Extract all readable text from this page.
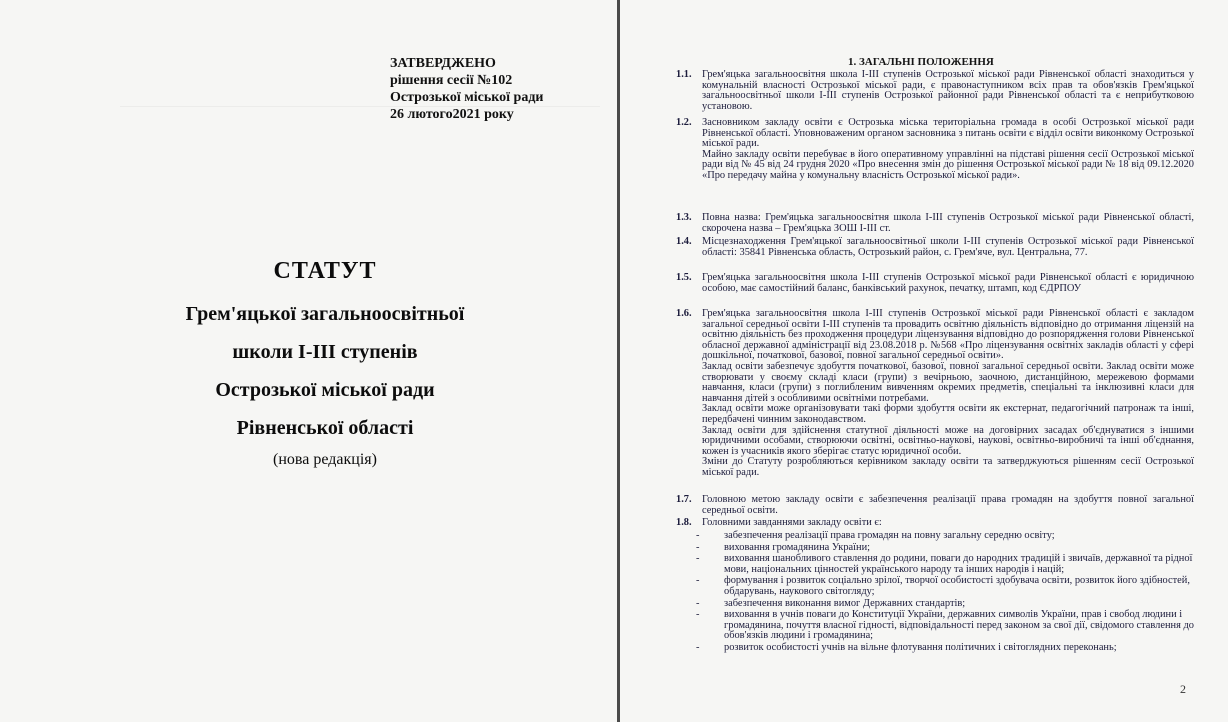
ЗАТВЕРДЖЕНО
рішення сесії №102
Острозької міської ради
26 лютого2021 року
СТАТУТ
Грем'яцької загальноосвітньої
школи І-ІІІ ступенів
Острозької міської ради
Рівненської області
(нова редакція)
1. ЗАГАЛЬНІ ПОЛОЖЕННЯ
1.1. Грем'яцька загальноосвітня школа І-ІІІ ступенів Острозької міської ради Рівненської області знаходиться у комунальній власності Острозької міської ради, є правонаступником всіх прав та обов'язків Грем'яцької загальноосвітньої школи І-ІІІ ступенів Острозької районної ради Рівненської області та є неприбутковою установою.

1.2. Засновником закладу освіти є Острозька міська територіальна громада в особі Острозької міської ради Рівненської області. Уповноваженим органом засновника з питань освіти є відділ освіти виконкому Острозької міської ради.

Майно закладу освіти перебуває в його оперативному управлінні на підставі рішення сесії Острозької міської ради від № 45 від 24 грудня 2020 «Про внесення змін до рішення Острозької міської ради № 18 від 09.12.2020 «Про передачу майна у комунальну власність Острозької міської ради».

1.3. Повна назва: Грем'яцька загальноосвітня школа І-ІІІ ступенів Острозької міської ради Рівненської області, скорочена назва – Грем'яцька ЗОШ І-ІІІ ст.

1.4. Місцезнаходження Грем'яцької загальноосвітньої школи І-ІІІ ступенів Острозької міської ради Рівненської області: 35841 Рівненська область, Острозький район, с. Грем'яче, вул. Центральна, 77.

1.5. Грем'яцька загальноосвітня школа І-ІІІ ступенів Острозької міської ради Рівненської області є юридичною особою, має самостійний баланс, банківський рахунок, печатку, штамп, код ЄДРПОУ

1.6. Грем'яцька загальноосвітня школа І-ІІІ ступенів Острозької міської ради Рівненської області є закладом загальної середньої освіти І-ІІІ ступенів та провадить освітню діяльність відповідно до отримання ліцензій на освітню діяльність без проходження процедури ліцензування відповідно до розпорядження голови Рівненської обласної державної адміністрації від 23.08.2018 р. №568 «Про ліцензування освітніх закладів області у сфері дошкільної, початкової, базової, повної загальної середньої освіти».

Заклад освіти забезпечує здобуття початкової, базової, повної загальної середньої освіти. Заклад освіти може створювати у своєму складі класи (групи) з вечірньою, заочною, дистанційною, мережевою формами навчання, класи (групи) з поглибленим вивченням окремих предметів, спеціальні та інклюзивні класи для навчання дітей з особливими освітніми потребами.

Заклад освіти може організовувати такі форми здобуття освіти як екстернат, педагогічний патронаж та інші, передбачені чинним законодавством.

Заклад освіти для здійснення статутної діяльності може на договірних засадах об'єднуватися з іншими юридичними особами, створюючи освітні, освітньо-наукові, наукові, освітньо-виробничі та інші об'єднання, кожен із учасників якого зберігає статус юридичної особи.

Зміни до Статуту розробляються керівником закладу освіти та затверджуються рішенням сесії Острозької міської ради.

1.7. Головною метою закладу освіти є забезпечення реалізації права громадян на здобуття повної загальної середньої освіти.

1.8. Головними завданнями закладу освіти є:

- забезпечення реалізації права громадян на повну загальну середню освіту;
- виховання громадянина України;
- виховання шанобливого ставлення до родини, поваги до народних традицій і звичаїв, державної та рідної мови, національних цінностей українського народу та інших народів і націй;
- формування і розвиток соціально зрілої, творчої особистості здобувача освіти, розвиток його здібностей, обдарувань, наукового світогляду;
- забезпечення виконання вимог Державних стандартів;
- виховання в учнів поваги до Конституції України, державних символів України, прав і свобод людини і громадянина, почуття власної гідності, відповідальності перед законом за свої дії, свідомого ставлення до обов'язків людини і громадянина;
- розвиток особистості учнів на вільне флотування політичних і світоглядних переконань;
2
